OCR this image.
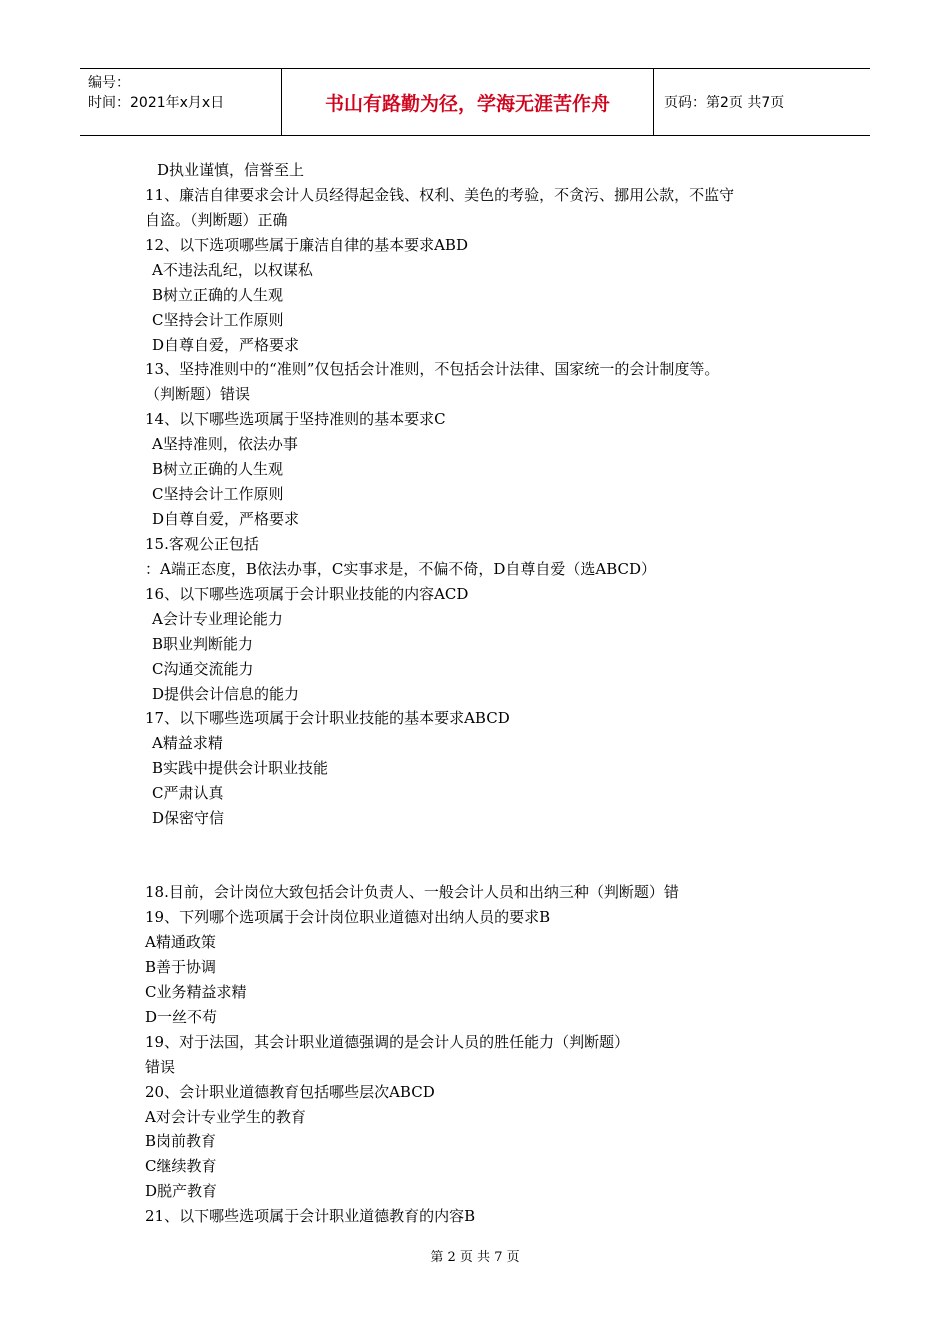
编号：
时间：2021年x月x日	书山有路勤为径，学海无涯苦作舟	页码：第2页 共7页
D执业谨慎，信誉至上
11、廉洁自律要求会计人员经得起金钱、权利、美色的考验，不贪污、挪用公款，不监守
自盗。（判断题）正确
12、以下选项哪些属于廉洁自律的基本要求ABD
A不违法乱纪，以权谋私
B树立正确的人生观
C坚持会计工作原则
D自尊自爱，严格要求
13、坚持准则中的“准则”仅包括会计准则，不包括会计法律、国家统一的会计制度等。
（判断题）错误
14、以下哪些选项属于坚持准则的基本要求C
A坚持准则，依法办事
B树立正确的人生观
C坚持会计工作原则
D自尊自爱，严格要求
15.客观公正包括
：A端正态度，B依法办事，C实事求是，不偏不倚，D自尊自爱（选ABCD）
16、以下哪些选项属于会计职业技能的内容ACD
A会计专业理论能力
B职业判断能力
C沟通交流能力
D提供会计信息的能力
17、以下哪些选项属于会计职业技能的基本要求ABCD
A精益求精
B实践中提供会计职业技能
C严肃认真
D保密守信
18.目前，会计岗位大致包括会计负责人、一般会计人员和出纳三种（判断题）错
19、下列哪个选项属于会计岗位职业道德对出纳人员的要求B
A精通政策
B善于协调
C业务精益求精
D一丝不苟
19、对于法国，其会计职业道德强调的是会计人员的胜任能力（判断题）
错误
20、会计职业道德教育包括哪些层次ABCD
A对会计专业学生的教育
B岗前教育
C继续教育
D脱产教育
21、以下哪些选项属于会计职业道德教育的内容B
第 2 页 共 7 页
